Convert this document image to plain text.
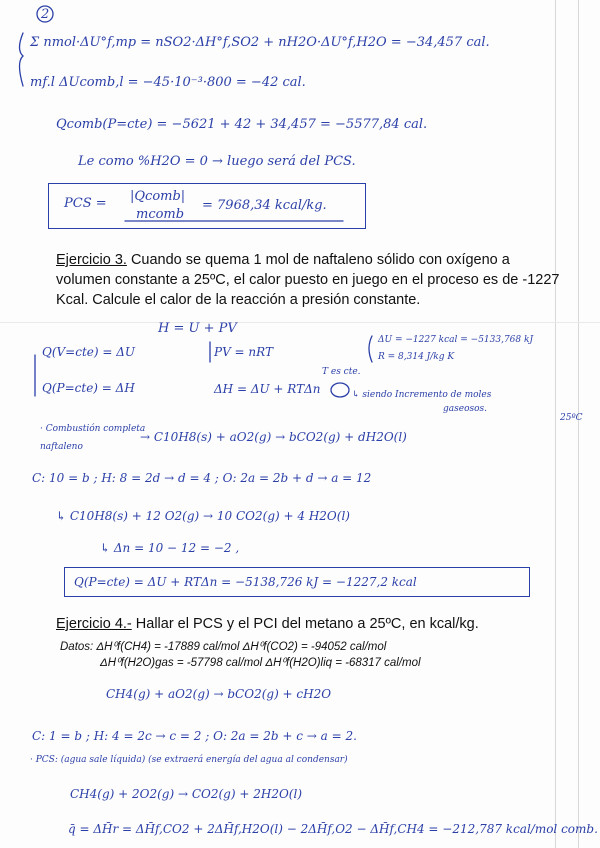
2
Σ nmol·ΔU°f,mp = nSO2·ΔH°f,SO2 + nH2O·ΔU°f,H2O = −34,457 cal.
mf.l ΔUcomb,l = −45·10⁻³·800 = −42 cal.
Qcomb(P=cte) = −5621 + 42 + 34,457 = −5577,84 cal.
Le como %H2O = 0 → luego será del PCS.
PCS = |Qcomb|
mcomb
= 7968,34 kcal/kg.
Ejercicio 3. Cuando se quema 1 mol de naftaleno sólido con oxígeno a volumen constante a 25ºC, el calor puesto en juego en el proceso es de -1227 Kcal. Calcule el calor de la reacción a presión constante.
H = U + PV
Q(V=cte) = ΔU	PV = nRT
ΔU = −1227 kcal = −5133,768 kJ
R = 8,314 J/kg K
Q(P=cte) = ΔH
T es cte.
ΔH = ΔU + RTΔn	↳ siendo Incremento de moles
gaseosos.
· Combustión completa
naftaleno
→ C10H8(s) + aO2(g) → bCO2(g) + dH2O(l)
25ºC
C: 10 = b ; H: 8 = 2d → d = 4 ; O: 2a = 2b + d → a = 12
↳ C10H8(s) + 12 O2(g) → 10 CO2(g) + 4 H2O(l)
↳ Δn = 10 − 12 = −2 ,
Q(P=cte) = ΔU + RTΔn = −5138,726 kJ = −1227,2 kcal
Ejercicio 4.- Hallar el PCS y el PCI del metano a 25ºC, en kcal/kg.
Datos: ΔH⁰f(CH4) = -17889 cal/mol ΔH⁰f(CO2) = -94052 cal/mol
ΔH⁰f(H2O)gas = -57798 cal/mol ΔH⁰f(H2O)liq = -68317 cal/mol
CH4(g) + aO2(g) → bCO2(g) + cH2O
C: 1 = b ; H: 4 = 2c → c = 2 ; O: 2a = 2b + c → a = 2.
· PCS: (agua sale líquida) (se extraerá energía del agua al condensar)
CH4(g) + 2O2(g) → CO2(g) + 2H2O(l)
q̄ = ΔH̄r = ΔH̄f,CO2 + 2ΔH̄f,H2O(l) − 2ΔH̄f,O2 − ΔH̄f,CH4 = −212,787 kcal/mol comb.
